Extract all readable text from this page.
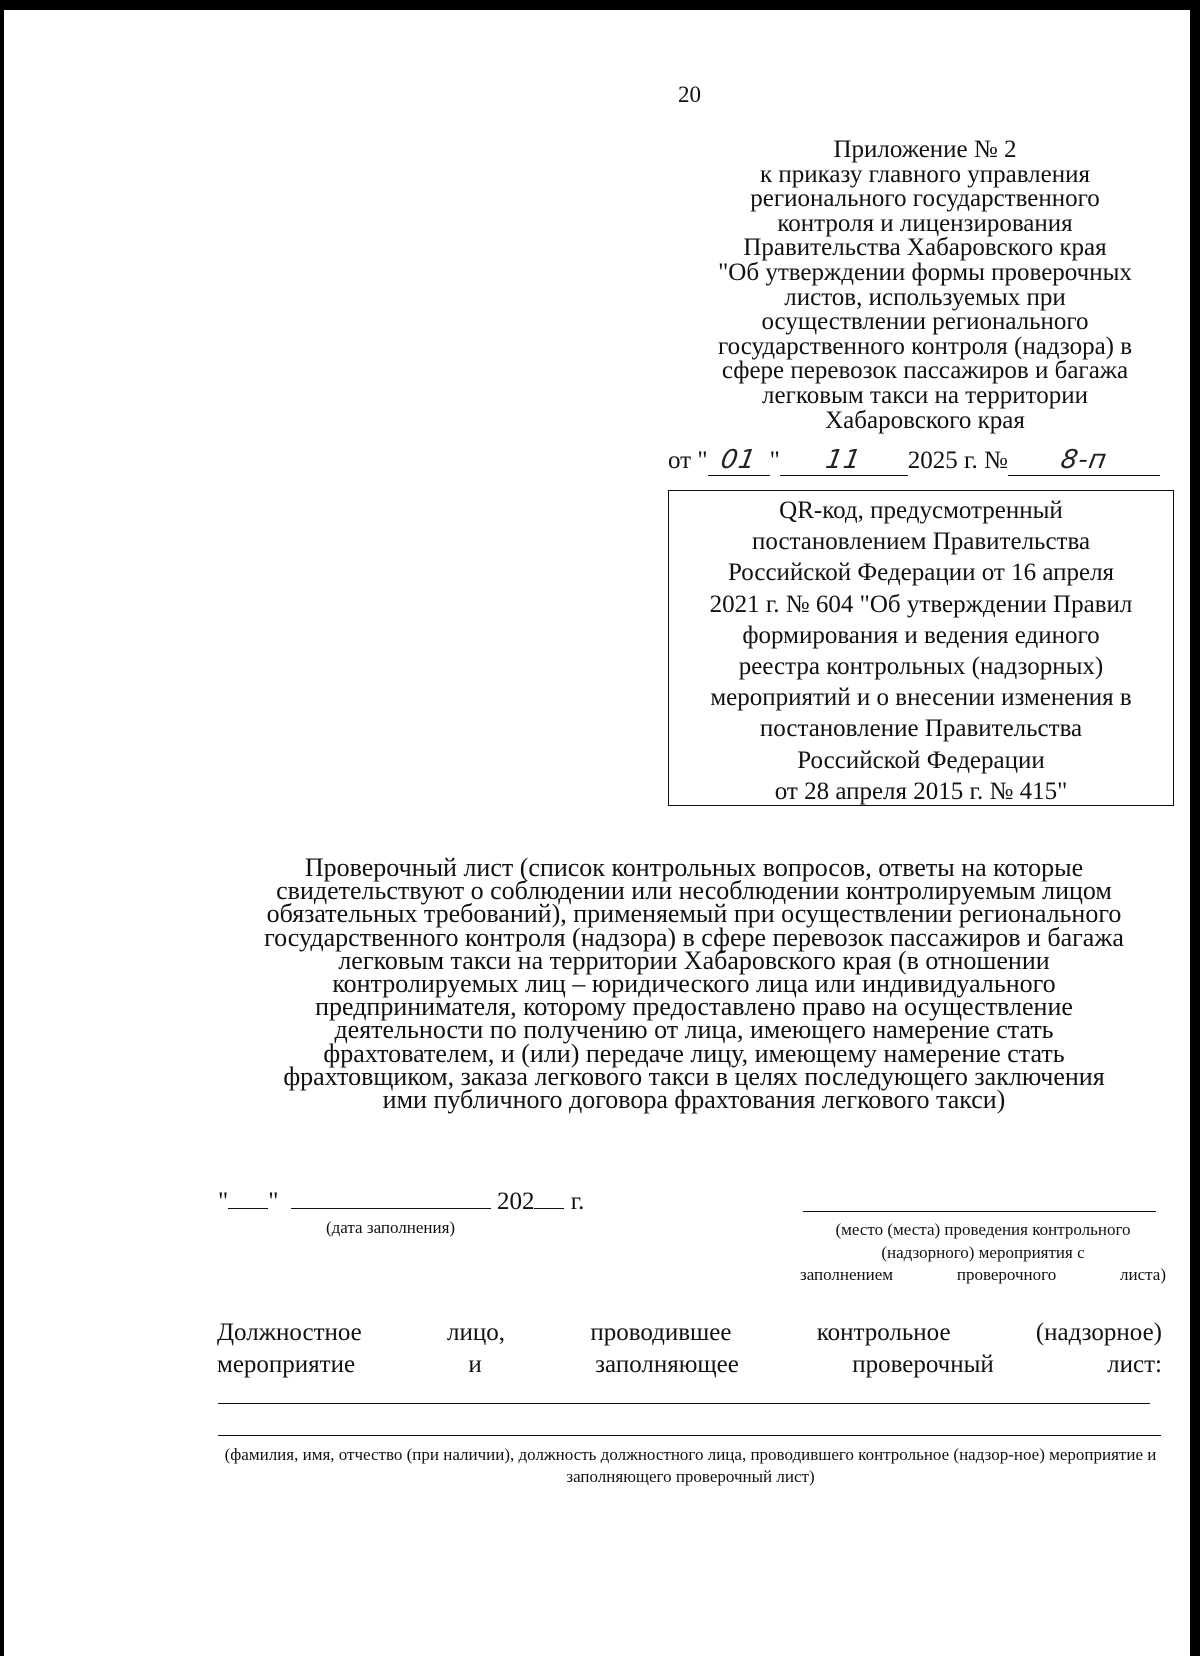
20
Приложение № 2
к приказу главного управления
регионального государственного
контроля и лицензирования
Правительства Хабаровского края
"Об утверждении формы проверочных
листов, используемых при
осуществлении регионального
государственного контроля (надзора) в
сфере перевозок пассажиров и багажа
легковым такси на территории
Хабаровского края
от " 01 " 11 2025 г. № 8-п
QR-код, предусмотренный
постановлением Правительства
Российской Федерации от 16 апреля
2021 г. № 604 "Об утверждении Правил
формирования и ведения единого
реестра контрольных (надзорных)
мероприятий и о внесении изменения в
постановление Правительства
Российской Федерации
от 28 апреля 2015 г. № 415"
Проверочный лист (список контрольных вопросов, ответы на которые
свидетельствуют о соблюдении или несоблюдении контролируемым лицом
обязательных требований), применяемый при осуществлении регионального
государственного контроля (надзора) в сфере перевозок пассажиров и багажа
легковым такси на территории Хабаровского края (в отношении
контролируемых лиц – юридического лица или индивидуального
предпринимателя, которому предоставлено право на осуществление
деятельности по получению от лица, имеющего намерение стать
фрахтователем, и (или) передаче лицу, имеющему намерение стать
фрахтовщиком, заказа легкового такси в целях последующего заключения
ими публичного договора фрахтования легкового такси)
" "	202 г.
(дата заполнения)	(место (места) проведения контрольного
(надзорного) мероприятия с
заполнением проверочного листа)
Должностное лицо, проводившее контрольное (надзорное)
мероприятие и заполняющее проверочный лист:
(фамилия, имя, отчество (при наличии), должность должностного лица, проводившего контрольное (надзор-ное) мероприятие и заполняющего проверочный лист)
